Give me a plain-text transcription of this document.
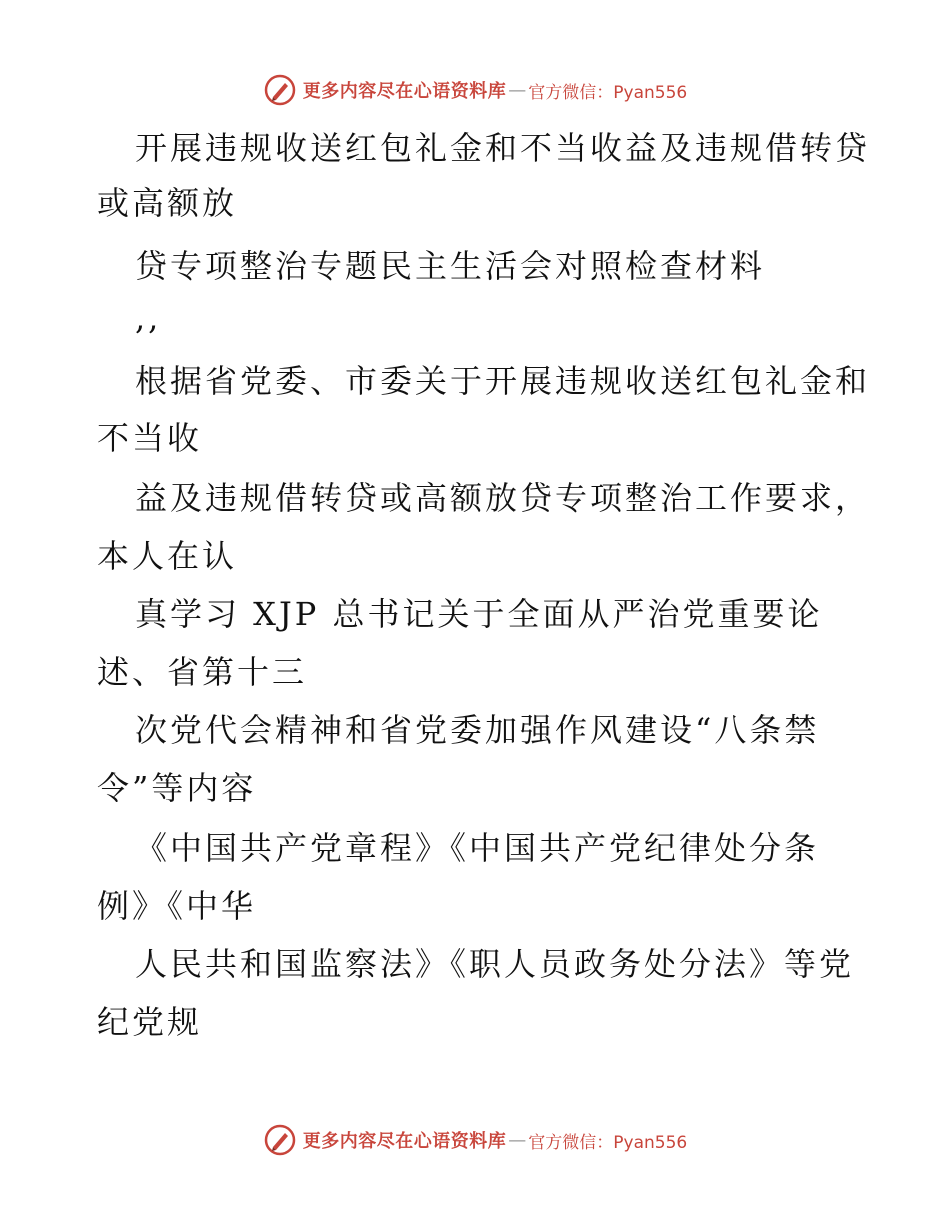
更多内容尽在心语资料库 — 官方微信：Pyan556
开展违规收送红包礼金和不当收益及违规借转贷
或高额放
贷专项整治专题民主生活会对照检查材料
,,
根据省党委、市委关于开展违规收送红包礼金和
不当收
益及违规借转贷或高额放贷专项整治工作要求，
本人在认
真学习 XJP 总书记关于全面从严治党重要论
述、省第十三
次党代会精神和省党委加强作风建设“八条禁
令”等内容
《中国共产党章程》《中国共产党纪律处分条
例》《中华
人民共和国监察法》《职人员政务处分法》等党
纪党规
更多内容尽在心语资料库 — 官方微信：Pyan556
